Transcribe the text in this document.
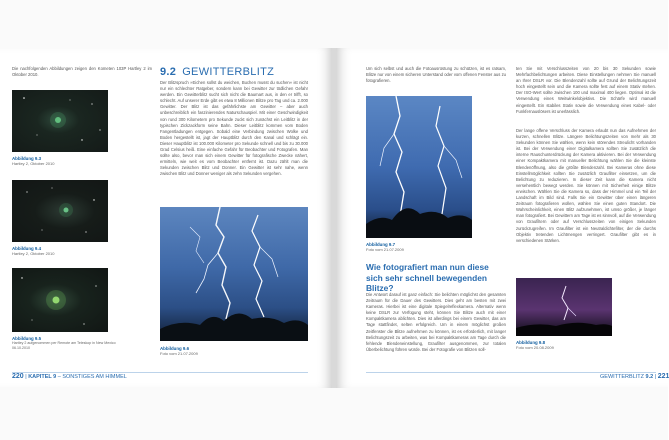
Die nachfolgenden Abbildungen zeigen den Kometen 103P Hartley 2 im Oktober 2010.
Abbildung 9.3
Hartley 2, Oktober 2010
Abbildung 9.4
Hartley 2, Oktober 2010
Abbildung 9.5
Hartley 2 aufgenommen per Remote am Teleskop in New Mexico 06.10.2010
9.2 GEWITTERBLITZ
Der Blitzspruch »Eichen sollst du weichen, Buchen musst du suchen« ist nicht nur ein schlechter Ratgeber, sondern kann bei Gewitter zur tödlichen Gefahr werden. Ein Gewitterblitz sucht sich nicht die Baumart aus, in den er trifft, so schlecht. Auf unserer Erde gibt es etwa 8 Millionen Blitze pro Tag und ca. 2.000 Gewitter. Der Blitz ist das gefährlichste am Gewitter – aber auch unbeschreiblich ein faszinierendes Naturschauspiel. Mit einer Geschwindigkeit von rund 300 Kilometern pro Sekunde zuckt sich zunächst ein Leitblitz in der typischen Zickzackform seine Bahn. Dieser Leitblitz kommen vom Boden Fangentladungen entgegen. Sobald eine Verbindung zwischen Wolke und Boden hergestellt ist, jagt der Hauptblitz durch den Kanal und schlägt ein. Dieser Hauptblitz ist 100.000 Kilometer pro Sekunde schnell und bis zu 30.000 Grad Celsius heiß. Eine einfache Gefahr für Beobachter und Fotografen. Man sollte also, bevor man sich einem Gewitter für fotografische Zwecke nähert, ermitteln, wie weit es vom Beobachter entfernt ist. Dazu zählt man die Sekunden zwischen Blitz und Donner. Ein Gewitter ist sehr nahe, wenn zwischen Blitz und Donner weniger als zehn Sekunden vergehen.
Abbildung 9.6
Foto vom 21.07.2009
220 | KAPITEL 9 – SONSTIGES AM HIMMEL
Um sich selbst und auch die Fotoausrüstung zu schützen, ist es ratsam, Blitze nur von einem sicheren Unterstand oder vom offenen Fenster aus zu fotografieren.
Abbildung 9.7
Foto vom 21.07.2009
Wie fotografiert man nun diese sich sehr schnell bewegenden Blitze?
Die Antwort darauf ist ganz einfach: Sie belichten möglichst den gesamten Zeitraum für die Dauer des Gewitters. Dies geht am besten mit zwei Kameras. Hierbei ist eine digitale Spiegelreflexkamera. Alternativ wenn keine DSLR zur Verfügung steht, können Sie Blitze auch mit einer Kompaktkamera ablichten. Dies ist allerdings bei einem Gewitter, das am Tage stattfindet, selten erfolgreich. Um in einem möglichst großen Zeitfenster die Blitze aufnehmen zu können, ist es erforderlich, mit langer Belichtungszeit zu arbeiten, was bei Kompaktkameras am Tage durch die fehlende Blendeneinstellung, Graufilter ausgenommen, zur totalen Überbelichtung führen würde. Bei der Fotografie von Blitzen soll-
ten Sie mit Verschlusszeiten von 20 bis 30 Sekunden sowie Mehrfachbelichtungen arbeiten. Diese Einstellungen nehmen Sie manuell an Ihrer DSLR vor. Die Blendenzahl sollte auf Grund der Belichtungszeit hoch eingestellt sein und die Kamera sollte fest auf einem Stativ stehen. Der ISO-Wert sollte zwischen 100 und maximal 400 liegen. Optimal ist die Verwendung eines Weitwinkelobjektivs. Die Schärfe wird manuell eingestellt. Ein stabiles Stativ sowie die Verwendung eines Kabel- oder Funkfernauslösers ist unerlässlich.
Der lange offene Verschluss der Kamera erlaubt nun das Aufnehmen der kurzen, schnellen Blitze. Längere Belichtungszeiten von mehr als 30 Sekunden können Sie wählen, wenn kein störendes Streulicht vorhanden ist. Bei der Verwendung einer Digitalkamera sollten Sie zusätzlich die interne Rauschunterdrückung der Kamera aktivieren. Bei der Verwendung einer Kompaktkamera mit manueller Belichtung wählen Sie die kleinste Blendenöffnung, also die größte Blendenzahl. Bei Kameras ohne diese Einstellmöglichkeit sollten Sie zusätzlich Graufilter einsetzen, um die Belichtung zu reduzieren. In dieser Zeit kann die Kamera nicht versehentlich bewegt werden. Sie können mit Sicherheit einige Blitze erwischen. Wählen Sie die Kamera so, dass der Himmel und ein Teil der Landschaft im Bild sind. Falls Sie ein Gewitter über einen längeren Zeitraum fotografieren wollen, wählen Sie einen guten Standort. Die Wahrscheinlichkeit, einen Blitz aufzunehmen, ist umso größer, je länger man fotografiert. Bei Gewittern am Tage ist es sinnvoll, auf die Verwendung von Graufiltern oder auf Verschlusszeiten von einigen Sekunden zurückzugreifen. Im Graufilter ist ein Neutraldichtefilter, der die durchs Objektiv tretenden Lichtmengen verringert. Graufilter gibt es in verschiedenen Stärken.
Abbildung 9.8
Foto vom 20.08.2009
GEWITTERBLITZ 9.2 | 221
